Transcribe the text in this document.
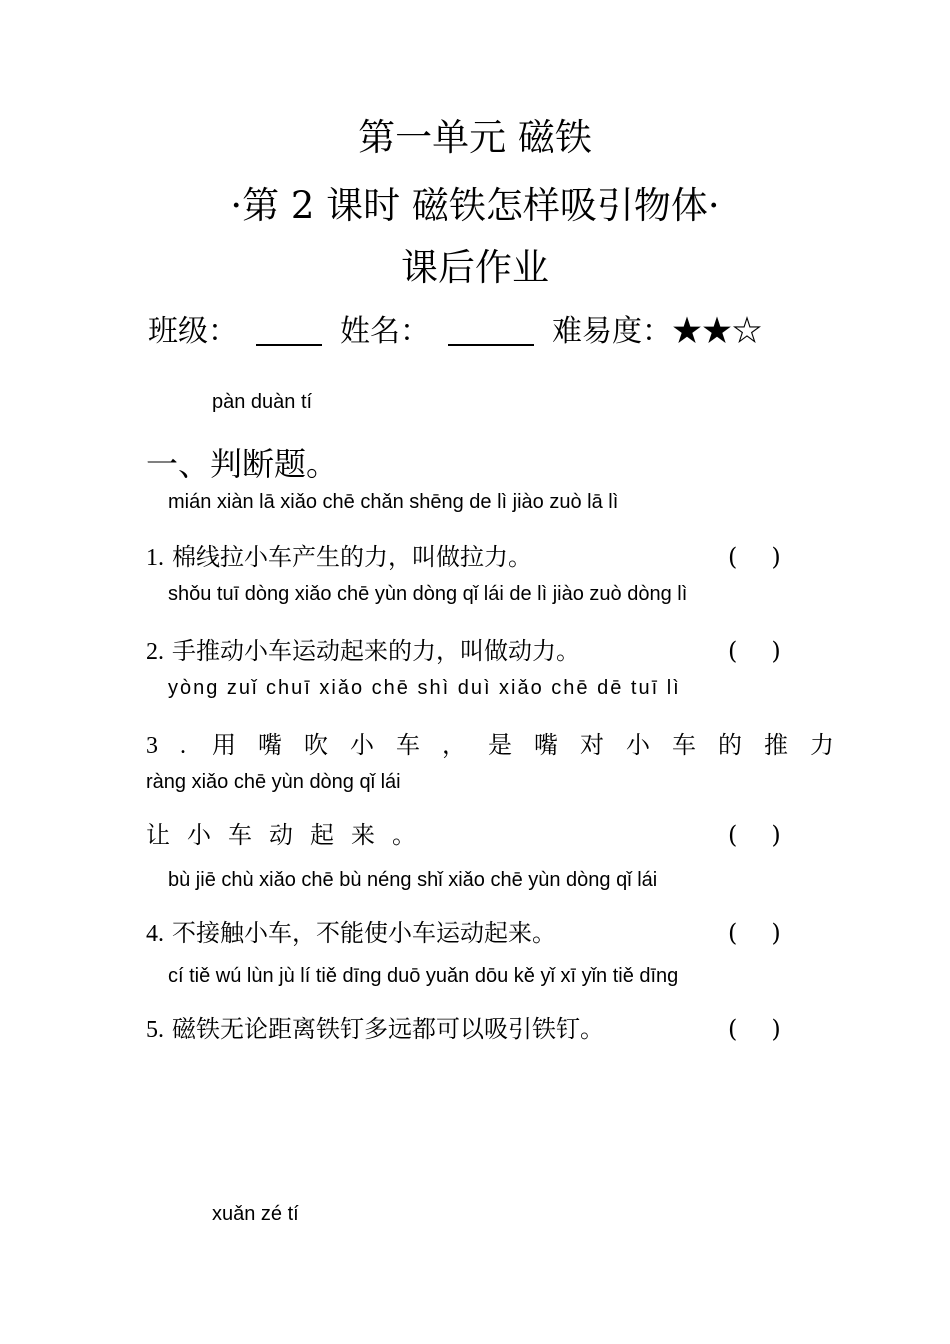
第一单元 磁铁
·第 2 课时 磁铁怎样吸引物体·
课后作业
班级：	姓名：	难易度：★★☆
pàn duàn tí
一、判断题。
mián xiàn lā xiǎo chē chǎn shēng de lì jiào zuò lā lì
1. 棉线拉小车产生的力，叫做拉力。	()
shǒu tuī dòng xiǎo chē yùn dòng qǐ lái de lì jiào zuò dòng lì
2. 手推动小车运动起来的力，叫做动力。	()
yòng zuǐ chuī xiǎo chē shì duì xiǎo chē dē tuī lì
3. 用嘴吹小车，是嘴对小车的推力
ràng xiǎo chē yùn dòng qǐ lái
让小车动起来。	()
bù jiē chù xiǎo chē bù néng shǐ xiǎo chē yùn dòng qǐ lái
4. 不接触小车，不能使小车运动起来。	()
cí tiě wú lùn jù lí tiě dīng duō yuǎn dōu kě yǐ xī yǐn tiě dīng
5. 磁铁无论距离铁钉多远都可以吸引铁钉。	()
xuǎn zé tí
